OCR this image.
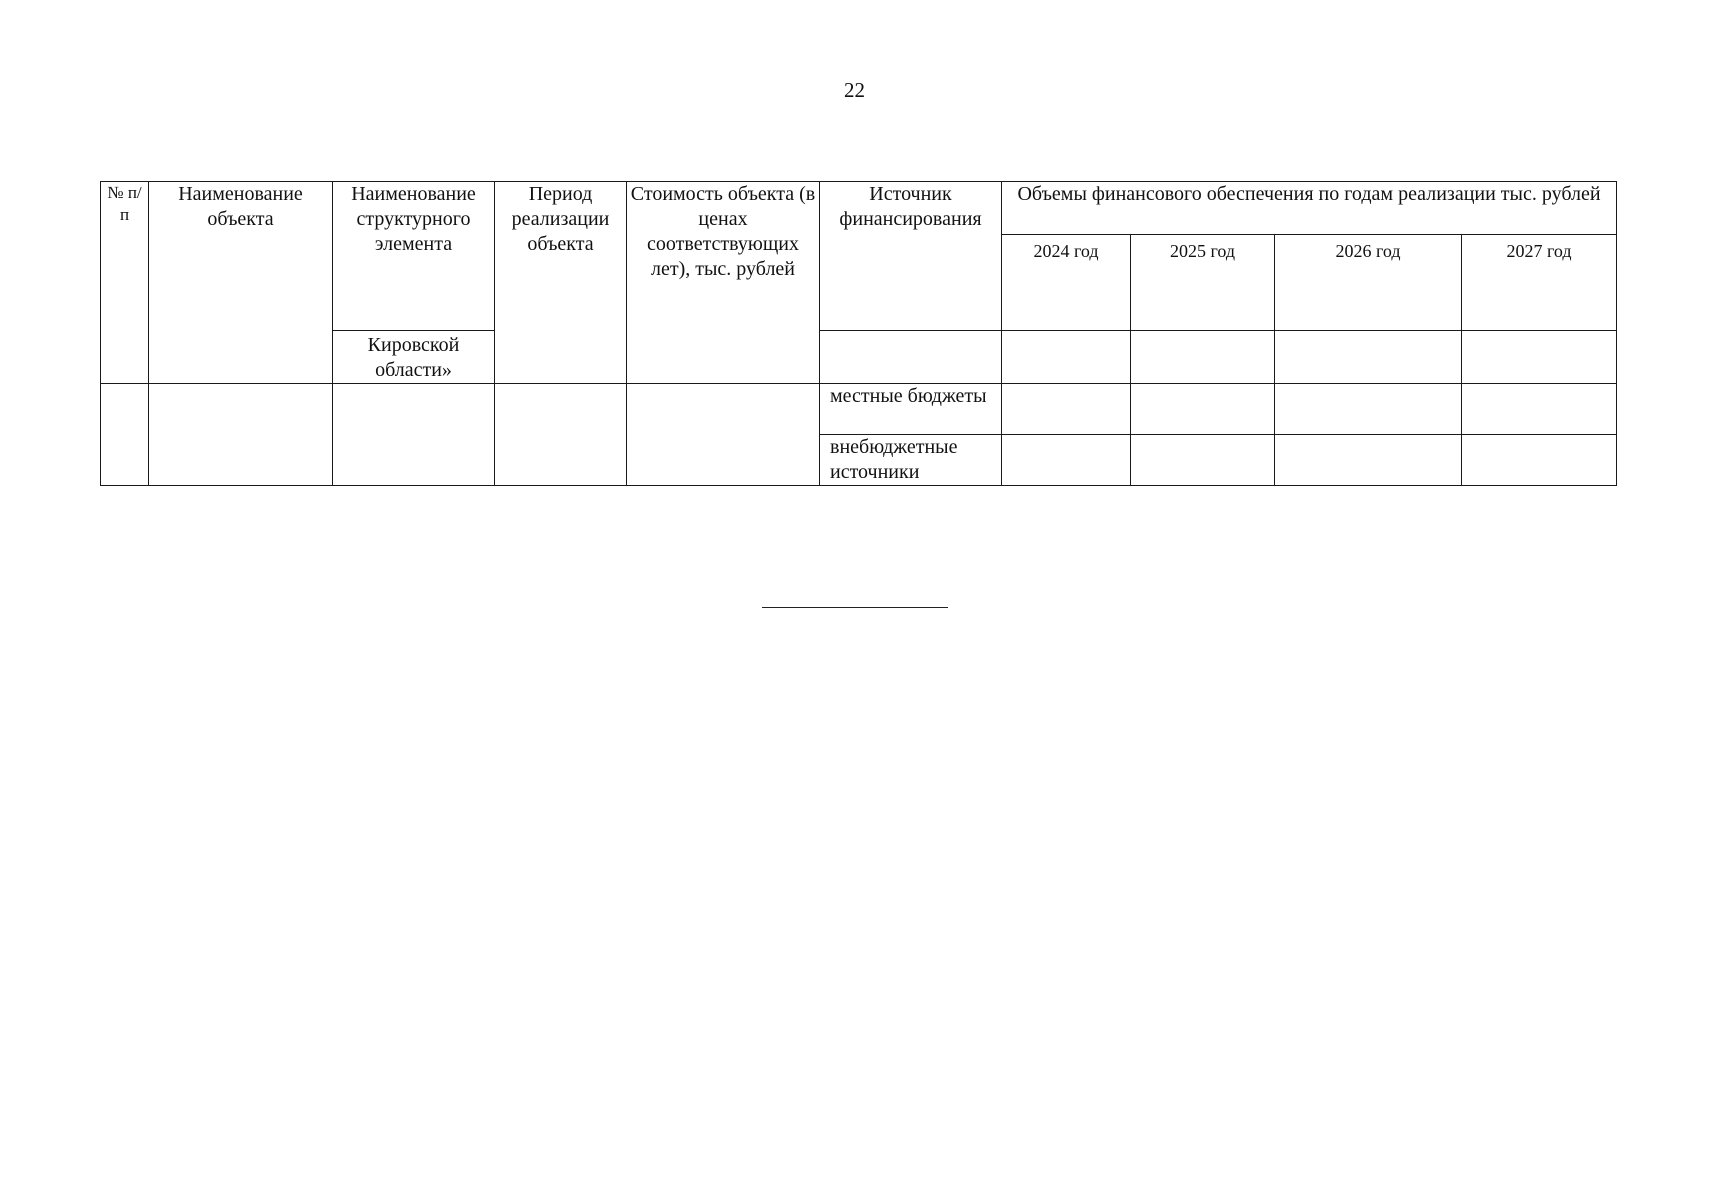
22
№ п/п	Наименование объекта	Наименование структурного элемента	Период реализации объекта	Стоимость объекта (в ценах соответствующих лет), тыс. рублей	Источник финансирования	Объемы финансового обеспечения по годам реализации тыс. рублей			
						2024 год	2025 год	2026 год	2027 год
		Кировской области»							
					местные бюджеты				
					внебюджетные источники				
